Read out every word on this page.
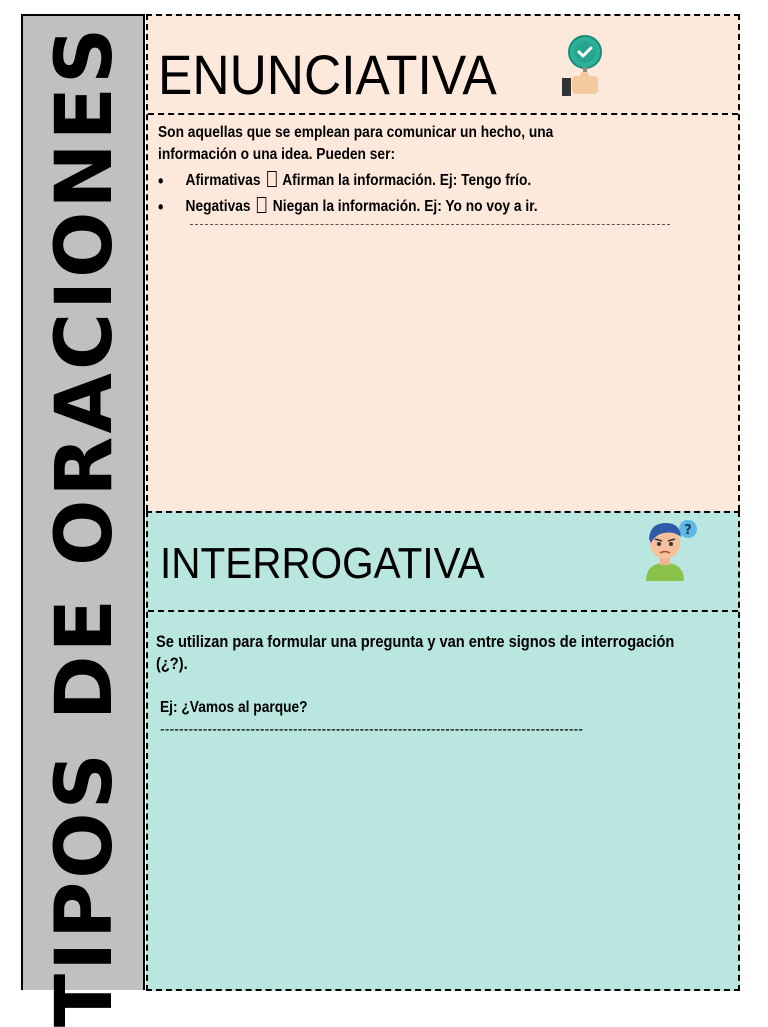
TIPOS DE ORACIONES ENUNCIATIVA
Son aquellas que se emplean para comunicar un hecho, una
información o una idea. Pueden ser:
• Afirmativas Afirman la información. Ej: Tengo frío.
• Negativas Niegan la información. Ej: Yo no voy a ir.
INTERROGATIVA
?
Se utilizan para formular una pregunta y van entre signos de interrogación
(¿?).
Ej: ¿Vamos al parque?
-----------------------------------------------------------------------------------------
